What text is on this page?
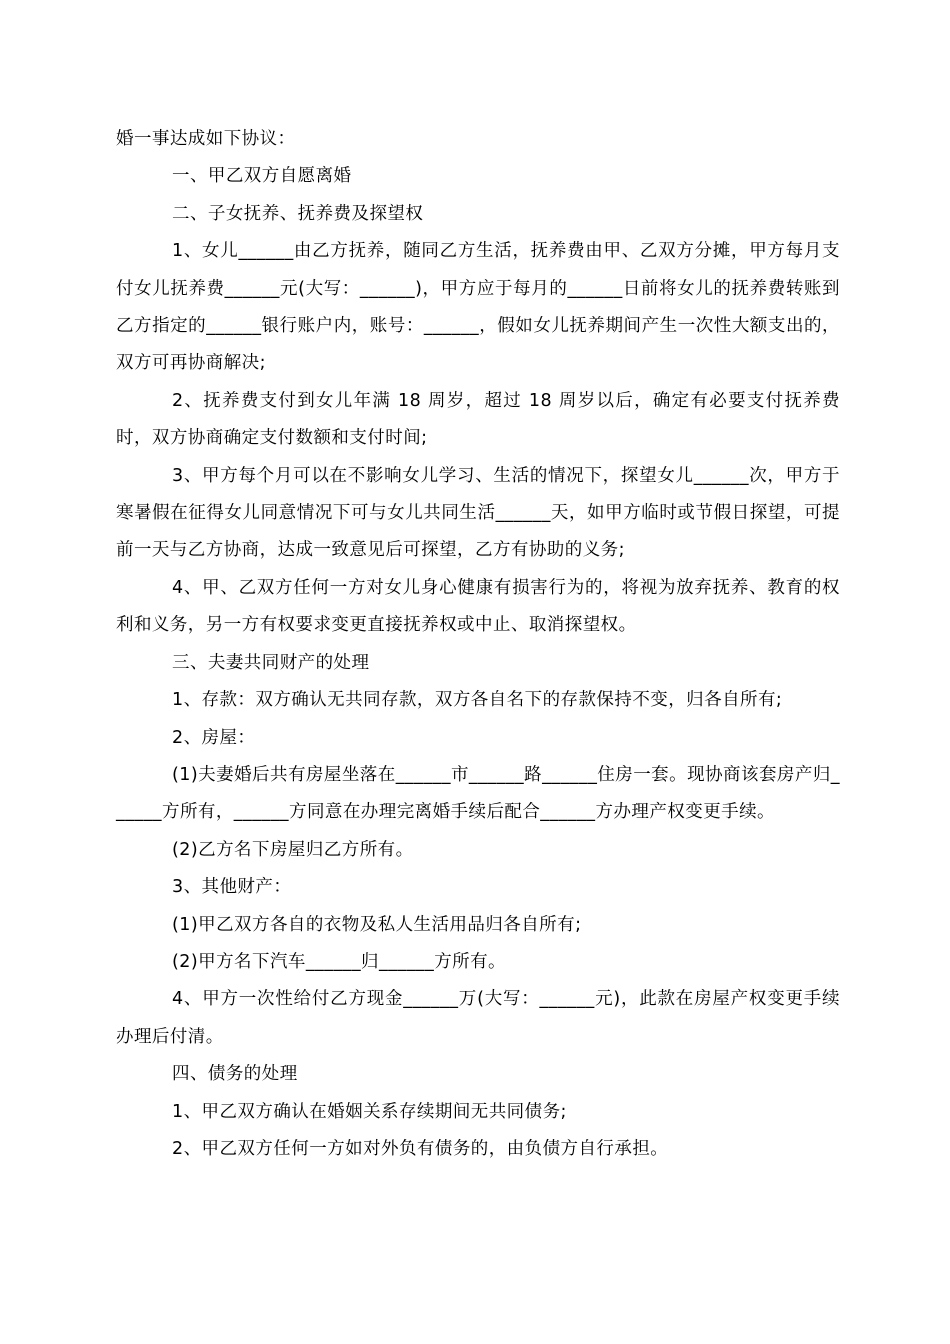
婚一事达成如下协议：

一、甲乙双方自愿离婚

二、子女抚养、抚养费及探望权

1、女儿______由乙方抚养，随同乙方生活，抚养费由甲、乙双方分摊，甲方每月支付女儿抚养费______元(大写：______)，甲方应于每月的______日前将女儿的抚养费转账到乙方指定的______银行账户内，账号：______，假如女儿抚养期间产生一次性大额支出的，双方可再协商解决;

2、抚养费支付到女儿年满 18 周岁，超过 18 周岁以后，确定有必要支付抚养费时，双方协商确定支付数额和支付时间;

3、甲方每个月可以在不影响女儿学习、生活的情况下，探望女儿______次，甲方于寒暑假在征得女儿同意情况下可与女儿共同生活______天，如甲方临时或节假日探望，可提前一天与乙方协商，达成一致意见后可探望，乙方有协助的义务;

4、甲、乙双方任何一方对女儿身心健康有损害行为的，将视为放弃抚养、教育的权利和义务，另一方有权要求变更直接抚养权或中止、取消探望权。

三、夫妻共同财产的处理

1、存款：双方确认无共同存款，双方各自名下的存款保持不变，归各自所有;

2、房屋：

(1)夫妻婚后共有房屋坐落在______市______路______住房一套。现协商该套房产归______方所有，______方同意在办理完离婚手续后配合______方办理产权变更手续。

(2)乙方名下房屋归乙方所有。

3、其他财产：

(1)甲乙双方各自的衣物及私人生活用品归各自所有;

(2)甲方名下汽车______归______方所有。

4、甲方一次性给付乙方现金______万(大写：______元)，此款在房屋产权变更手续办理后付清。

四、债务的处理

1、甲乙双方确认在婚姻关系存续期间无共同债务;

2、甲乙双方任何一方如对外负有债务的，由负债方自行承担。
